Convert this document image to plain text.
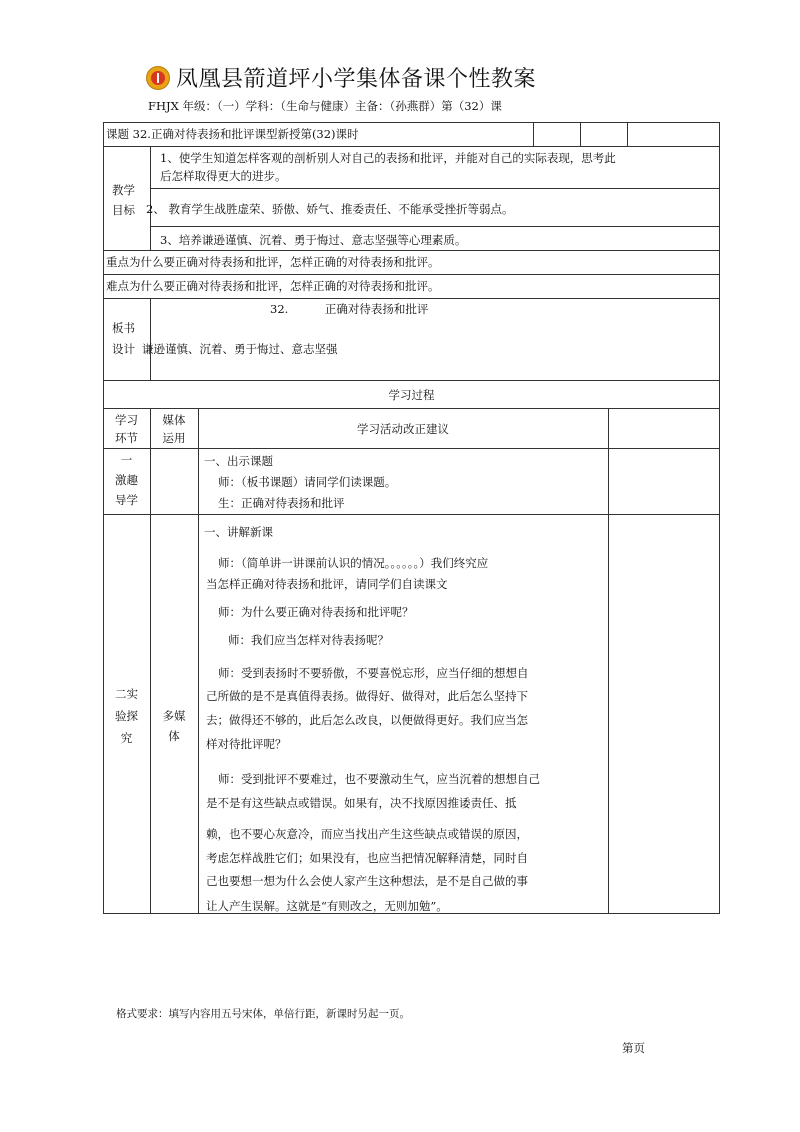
凤凰县箭道坪小学集体备课个性教案
FHJX 年级：（一）学科：（生命与健康）主备：（孙燕群）第（32）课
课题 32.正确对待表扬和批评课型新授第(32)课时
教学
目标
1、使学生知道怎样客观的剖析别人对自己的表扬和批评，并能对自己的实际表现，思考此
后怎样取得更大的进步。
2、 教育学生战胜虚荣、骄傲、娇气、推委责任、不能承受挫折等弱点。
3、培养谦逊谨慎、沉着、勇于悔过、意志坚强等心理素质。
重点为什么要正确对待表扬和批评，怎样正确的对待表扬和批评。
难点为什么要正确对待表扬和批评，怎样正确的对待表扬和批评。
板书
设计
32.          正确对待表扬和批评
谦逊谨慎、沉着、勇于悔过、意志坚强
学习过程
学习
环节
媒体
运用
学习活动改正建议
一
激趣
导学
一、出示课题
师：（板书课题）请同学们读课题。
生：正确对待表扬和批评
二实
验探
究
多媒
体
一、讲解新课
师：（简单讲一讲课前认识的情况。。。。。。）我们终究应
当怎样正确对待表扬和批评，请同学们自读课文
师：为什么要正确对待表扬和批评呢？
师：我们应当怎样对待表扬呢？
师：受到表扬时不要骄傲，不要喜悦忘形，应当仔细的想想自
己所做的是不是真值得表扬。做得好、做得对，此后怎么坚持下
去；做得还不够的，此后怎么改良，以便做得更好。我们应当怎
样对待批评呢？
师：受到批评不要难过，也不要激动生气，应当沉着的想想自己
是不是有这些缺点或错误。如果有，决不找原因推诿责任、抵
赖，也不要心灰意冷，而应当找出产生这些缺点或错误的原因，
考虑怎样战胜它们；如果没有，也应当把情况解释清楚，同时自
己也要想一想为什么会使人家产生这种想法，是不是自己做的事
让人产生误解。这就是“有则改之，无则加勉”。
格式要求：填写内容用五号宋体，单倍行距，新课时另起一页。
第页
